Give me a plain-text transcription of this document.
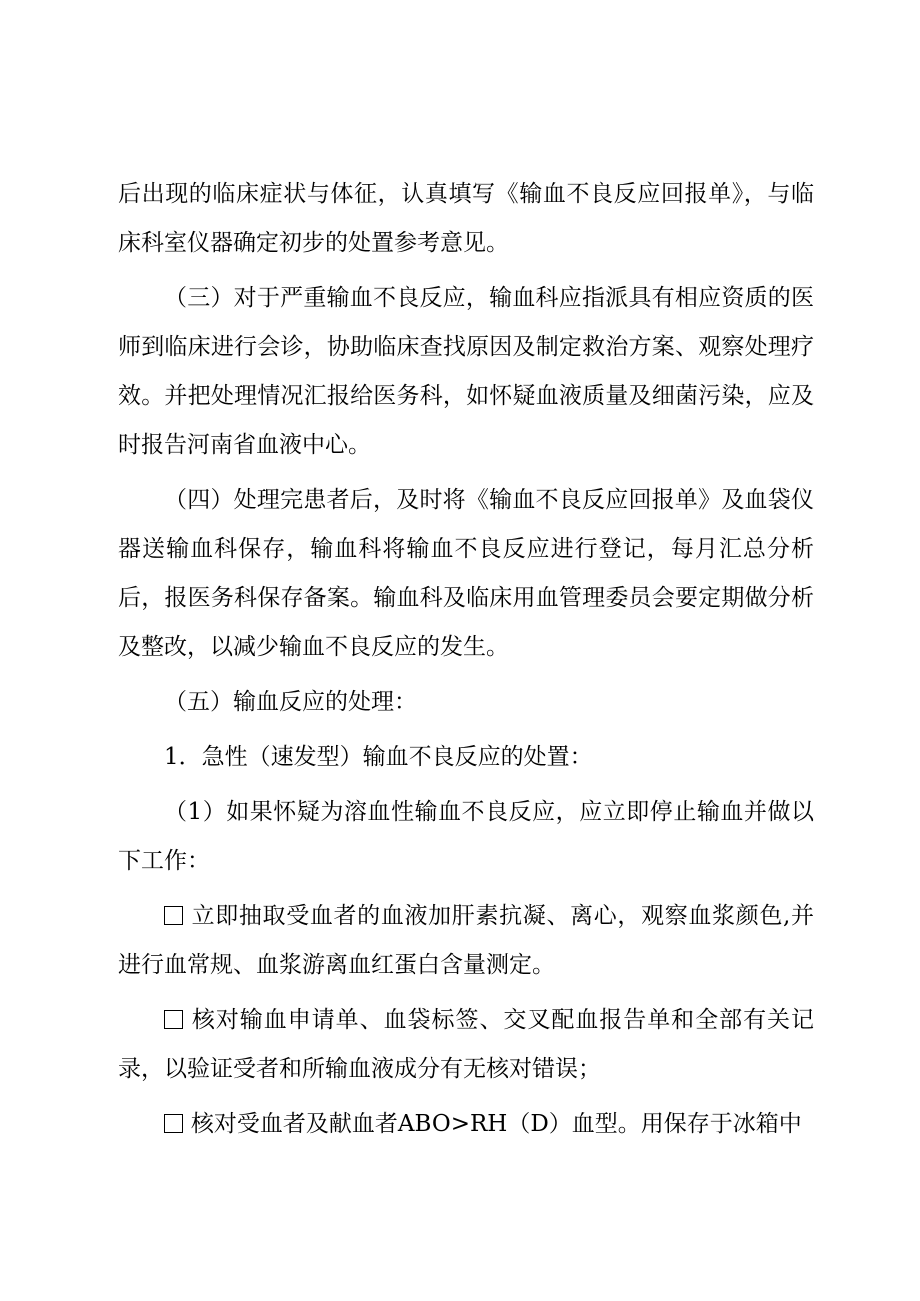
后出现的临床症状与体征，认真填写《输血不良反应回报单》，与临床科室仪器确定初步的处置参考意见。

（三）对于严重输血不良反应，输血科应指派具有相应资质的医师到临床进行会诊，协助临床查找原因及制定救治方案、观察处理疗效。并把处理情况汇报给医务科，如怀疑血液质量及细菌污染，应及时报告河南省血液中心。

（四）处理完患者后，及时将《输血不良反应回报单》及血袋仪器送输血科保存，输血科将输血不良反应进行登记，每月汇总分析后，报医务科保存备案。输血科及临床用血管理委员会要定期做分析及整改，以减少输血不良反应的发生。

（五）输血反应的处理：

1．急性（速发型）输血不良反应的处置：

（1）如果怀疑为溶血性输血不良反应，应立即停止输血并做以下工作：

立即抽取受血者的血液加肝素抗凝、离心，观察血浆颜色,并进行血常规、血浆游离血红蛋白含量测定。

核对输血申请单、血袋标签、交叉配血报告单和全部有关记录，以验证受者和所输血液成分有无核对错误；

核对受血者及献血者ABO>RH（D）血型。用保存于冰箱中
